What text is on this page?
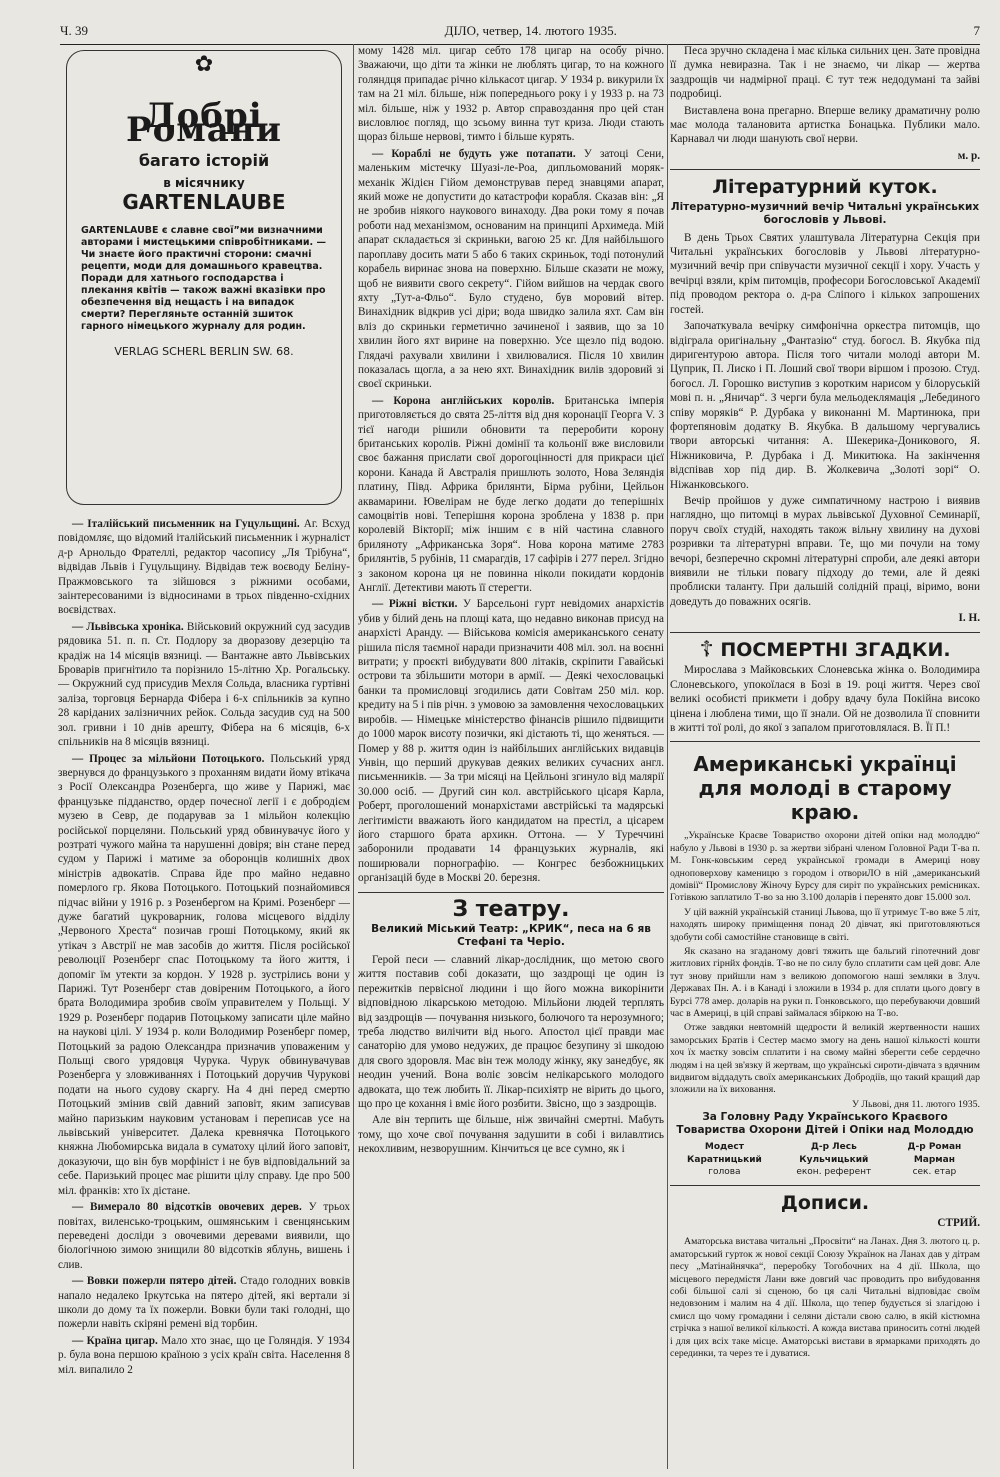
Ч. 39	ДІЛО, четвер, 14. лютого 1935.	7
✿
Добрі Романи
багато історій
в місячнику
GARTENLAUBE
GARTENLAUBE є славне свої”ми визначними авторами і мистецькими співробітниками. — Чи знаєте його практичні сторони: смачні рецепти, моди для домашнього кравецтва. Поради для хатнього господарства і плекання квітів — також важні вказівки про обезпечення від нещасть і на випадок смерти? Перегляньте останній зшиток гарного німецького журналу для родин.
VERLAG SCHERL BERLIN SW. 68.

— Італійський письменник на Гуцульщині. Аг. Всхуд повідомляє, що відомий італійський письменник і журналіст д-р Арнольдо Фрателлі, редактор часопису „Ля Трібуна“, відвідав Львів і Гуцульщину. Відвідав теж воєводу Беліну-Пражмовського та зійшовся з ріжними особами, заінтересованими із відносинами в трьох південно-східних воєвідствах.

— Львівська хроніка. Військовий окружний суд засудив рядовика 51. п. п. Ст. Подлору за дворазову дезерцію та крадіж на 14 місяців вязниці. — Вантажне авто Львівських Броварів пригнітило та порізнило 15-літню Хр. Рогальську. — Окружний суд присудив Мехля Сольда, власника гуртівні заліза, торговця Бернарда Фібера і 6-х спільників за купно 28 каріданих залізничних рейок. Сольда засудив суд на 500 зол. гривни і 10 днів арешту, Фібера на 6 місяців, 6-х спільників на 8 місяців вязниці.

— Процес за мільйони Потоцького. Польський уряд звернувся до французького з проханням видати йому втікача з Росії Олександра Розенберга, що живе у Парижі, має французьке підданство, ордер почесної легії і є добродієм музею в Севр, де подарував за 1 мільйон колекцію російської порцеляни. Польський уряд обвинувачує його у розтраті чужого майна та нарушенні довіря; він стане перед судом у Парижі і матиме за оборонців колишніх двох міністрів адвокатів. Справа йде про майно недавно померлого гр. Якова Потоцького. Потоцький познайомився підчас війни у 1916 р. з Розенбергом на Кримі. Розенберг — дуже багатий цукроварник, голова місцевого відділу „Червоного Хреста“ позичав гроші Потоцькому, який як утікач з Австрії не мав засобів до життя. Після російської революції Розенберг спас Потоцькому та його життя, і допоміг їм утекти за кордон. У 1928 р. зустрілись вони у Парижі. Тут Розенберг став довіреним Потоцького, а його брата Володимира зробив своїм управителем у Польщі. У 1929 р. Розенберг подарив Потоцькому записати ціле майно на наукові цілі. У 1934 р. коли Володимир Розенберг помер, Потоцький за радою Олександра призначив уповаженим у Польщі свого урядовця Чурука. Чурук обвинувачував Розенберга у зловживаннях і Потоцький доручив Чурукові подати на нього судову скаргу. На 4 дні перед смертю Потоцький змінив свій давний заповіт, яким записував майно паризьким науковим установам і переписав усе на львівський університет. Далека кревнячка Потоцького княжна Любомирська видала в суматоху цілий його заповіт, доказуючи, що він був морфініст і не був відповідальний за себе. Паризький процес має рішити цілу справу. Іде про 500 міл. франків: хто їх дістане.

— Вимерало 80 відсотків овочевих дерев. У трьох повітах, виленсько-троцьким, ошмянським і свенцянським переведені досліди з овочевими деревами виявили, що біологічною зимою знищили 80 відсотків яблунь, вишень і слив.

— Вовки пожерли пятеро дітей. Стадо голодних вовків напало недалеко Іркутська на пятеро дітей, які вертали зі школи до дому та їх пожерли. Вовки були такі голодні, що пожерли навіть скіряні ремені від торбин.

— Країна цигар. Мало хто знає, що це Голяндія. У 1934 р. була вона першою країною з усіх країн світа. Населення 8 міл. випалило 2

мому 1428 міл. цигар себто 178 цигар на особу річно. Зважаючи, що діти та жінки не люблять цигар, то на кожного голяндця припадає річно кількасот цигар. У 1934 р. викурили їх там на 21 міл. більше, ніж попереднього року і у 1933 р. на 73 міл. більше, ніж у 1932 р. Автор справоздання про цей стан висловлює погляд, що зсьому винна тут криза. Люди стають щораз більше нервові, тимто і більше курять.

— Кораблі не будуть уже потапати. У затоці Сени, маленьким містечку Шуазі-ле-Роа, дипльомований моряк-механік Жідієн Гійом демонстрував перед знавцями апарат, який може не допустити до катастрофи корабля. Сказав він: „Я не зробив ніякого наукового винаходу. Два роки тому я почав роботи над механізмом, основаним на принципі Архимеда. Мій апарат складається зі скриньки, вагою 25 кг. Для найбільшого пароплаву досить мати 5 або 6 таких скриньок, тоді потонулий корабель виринає знова на поверхню. Більше сказати не можу, щоб не виявити свого секрету“. Гійом вийшов на чердак свого яхту „Тут-а-Фльо“. Було студено, був моровий вітер. Винахідник відкрив усі діри; вода швидко залила яхт. Сам він вліз до скриньки герметично зачиненої і заявив, що за 10 хвилин його яхт вирине на поверхню. Усе щезло під водою. Глядачі рахували хвилини і хвилювалися. Після 10 хвилин показалась щогла, а за нею яхт. Винахідник вилів здоровий зі своєї скриньки.

— Корона англійських королів. Британська імперія приготовляється до свята 25-ліття від дня коронації Георга V. З тієї нагоди рішили обновити та переробити корону британських королів. Ріжні домінії та кольонії вже висловили своє бажання прислати свої дорогоцінності для прикраси цієї корони. Канада й Австралія пришлють золото, Нова Зеляндія платину, Півд. Африка брилянти, Бірма рубіни, Цейльон аквамарини. Ювелірам не буде легко додати до теперішніх самоцвітів нові. Теперішня корона зроблена у 1838 р. при королевій Вікторії; між іншим є в ній частина славного бриляноту „Африканська Зоря“. Нова корона матиме 2783 брилянтів, 5 рубінів, 11 смарагдів, 17 сафірів і 277 перел. Згідно з законом корона ця не повинна ніколи покидати кордонів Англії. Детективи мають її стерегти.

— Ріжні вістки. У Барсельоні гурт невідомих анархістів убив у білий день на площі ката, що недавно виконав присуд на анархісті Аранду. — Військова комісія американського сенату рішила після таємної наради призначити 408 міл. зол. на воєнні витрати; у проєкті вибудувати 800 літаків, скріпити Гавайські острови та збільшити мотори в армії. — Деякі чехословацькі банки та промисловці згодились дати Совітам 250 міл. кор. кредиту на 5 і пів річн. з умовою за замовлення чехословацьких виробів. — Німецьке міністерство фінансів рішило підвищити до 1000 марок висоту позички, які дістають ті, що женяться. — Помер у 88 р. життя один із найбільших англійських видавців Унвін, що перший друкував деяких великих сучасних англ. письменників. — За три місяці на Цейльоні згинуло від малярії 30.000 осіб. — Другий син кол. австрійського цісаря Карла, Роберт, проголошений монархістами австрійські та мадярські легітимісти вважають його кандидатом на престіл, а цісарем його старшого брата архикн. Оттона. — У Туреччині заборонили продавати 14 французьких журналів, які поширювали порнографію. — Конгрес безбожницьких організацій буде в Москві 20. березня.

З театру.
Великий Міський Театр: „КРИК“, песа на 6 яв Стефані та Черіо.

Герой песи — славний лікар-дослідник, що метою свого життя поставив собі доказати, що заздрощі це один із пережитків первісної людини і що його можна викорінити відповідною лікарською методою. Мільйони людей терплять від заздрощів — почування низького, болючого та нерозумного; треба людство вилічити від нього. Апостол цієї правди має санаторію для умово недужих, де працює безупину зі шкодою для свого здоровля. Має він теж молоду жінку, яку занедбує, як неодин учений. Вона воліє зовсім нелікарського молодого адвоката, що теж любить її. Лікар-психіятр не вірить до цього, що про це кохання і вміє його розбити. Звісно, що з заздрощів.

Але він терпить ще більше, ніж звичайні смертні. Мабуть тому, що хоче свої почування задушити в собі і вилавлтись некохливим, незворушним. Кінчиться це все сумно, як і

Песа зручно складена і має кілька сильних цен. Зате провідна її думка невиразна. Так і не знаємо, чи лікар — жертва заздрощів чи надмірної праці. Є тут теж недодумані та зайві подробиці.

Виставлена вона прегарно. Вперше велику драматичну ролю має молода талановита артистка Бонацька. Публики мало. Карнавал чи люди шанують свої нерви.

м. р.
Літературний куток.
Літературно-музичний вечір Читальні українських богословів у Львові.

В день Трьох Святих улаштувала Літературна Секція при Читальні українських богословів у Львові літературно-музичний вечір при співучасти музичної секції і хору. Участь у вечірці взяли, крім питомців, професори Богословської Академії під проводом ректора о. д-ра Сліпого і кількох запрошених гостей.

Започаткувала вечірку симфонічна оркестра питомців, що відіграла оригінальну „Фантазію“ студ. богосл. В. Якубка під диригентурою автора. Після того читали молоді автори М. Цуприк, П. Лиско і П. Лоший свої твори віршом і прозою. Студ. богосл. Л. Горошко виступив з коротким нарисом у білоруській мові п. н. „Яничар“. З черги була мельодеклямація „Лебединого співу моряків“ Р. Дурбака у виконанні М. Мартинюка, при фортепяновім додатку В. Якубка. В дальшому чергувались твори авторські читання: А. Шекерика-Доникового, Я. Ніжниковича, Р. Дурбака і Д. Микитюка. На закінчення відспівав хор під дир. В. Жолкевича „Золоті зорі“ О. Ніжанковського.

Вечір пройшов у дуже симпатичному настрою і виявив наглядно, що питомці в мурах львівської Духовної Семинарії, поруч своїх студій, находять також вільну хвилину на духові розривки та літературні вправи. Те, що ми почули на тому вечорі, безперечно скромні літературні спроби, але деякі автори виявили не тільки повагу підходу до теми, але й деякі проблиски таланту. При дальшій солідній праці, віримо, вони доведуть до поважних осягів.

І. Н.
☦ ПОСМЕРТНІ ЗГАДКИ.

Мирослава з Майковських Слоневська жінка о. Володимира Слоневського, упокоїлася в Бозі в 19. році життя. Через свої великі особисті прикмети і добру вдачу була Покійна високо цінена і люблена тими, що її знали. Ой не дозволила її сповнити в житті тої ролі, до якої з запалом приготовлялася. В. Її П.!

Американські українці для молоді в старому краю.

„Українське Краєве Товариство охорони дітей опіки над молоддю“ набуло у Львові в 1930 р. за жертви зібрані членом Головної Ради Т-ва п. М. Гонк-ковським серед української громади в Америці нову одноповерхову каменицю з городом і отвориЛО в ній „американський домівії“ Промислову Жіночу Бурсу для сиріт по українських ремісниках. Готівкою заплатило Т-во за ню 3.100 доларів і перенято довг 15.000 зол.

У цій важній українській станиці Львова, що її утримує Т-во вже 5 літ, находять широку приміщення понад 20 дівчат, які приготовляються здобути собі самостійне становище в світі.

Як сказано на згаданому довгі тяжить ще бальгий гіпотечний довг житлових гірнйх фондів. Т-во не по силу було сплатити сам цей довг. Але тут знову прийшли нам з великою допомогою наші земляки в Злуч. Державах Пн. А. і в Канаді і зложили в 1934 р. для сплати цього довгу в Бурсі 778 амер. доларів на руки п. Гонковського, що перебуваючи довший час в Америці, в цій справі займалася збіркою на Т-во.

Отже завдяки невтомній щедрости й великій жертвенности наших заморських Братів і Сестер маємо змогу на день нашої кількості кошти хоч їх маєтку зовсім сплатити і на свому майні зберегти себе сердечно людям і на цей зв'язку й жертвам, що українські сироти-дівчата з вдячним видвигом віддадуть своїх американських Добродіїв, що такий кращий дар зложили на їх виховання.

У Львові, дня 11. лютого 1935.
За Головну Раду Українського Краєвого Товариства Охорони Дітей і Опіки над Молоддю
Модест Каратницький
голова
Д-р Лесь Кульчицький
екон. референт
Д-р Роман Марман
сек. етар
Дописи.
СТРИЙ.

Аматорська вистава читальні „Просвіти“ на Ланах. Дня 3. лютого ц. р. аматорський гурток ж нової секції Союзу Українок на Ланах дав у дітрам песу „Матінайнячка“, переробку Тогобочних на 4 дії. Школа, що місцевого передмістя Лани вже довгий час проводить про вибудовання собі більшої салі зі сценою, бо ця салі Читальні відповідає своїм недовзоним і малим на 4 дії. Школа, що тепер будується зі злагідою і смисл що чому громадяни і селяни дістали свою салю, в якій кістюмна стрічка з нашої великої кількості. А кожда вистава приносить сотні людей і для цих всіх таке місце. Аматорські вистави в ярмарками приходять до серединки, та через те і дуватися.
